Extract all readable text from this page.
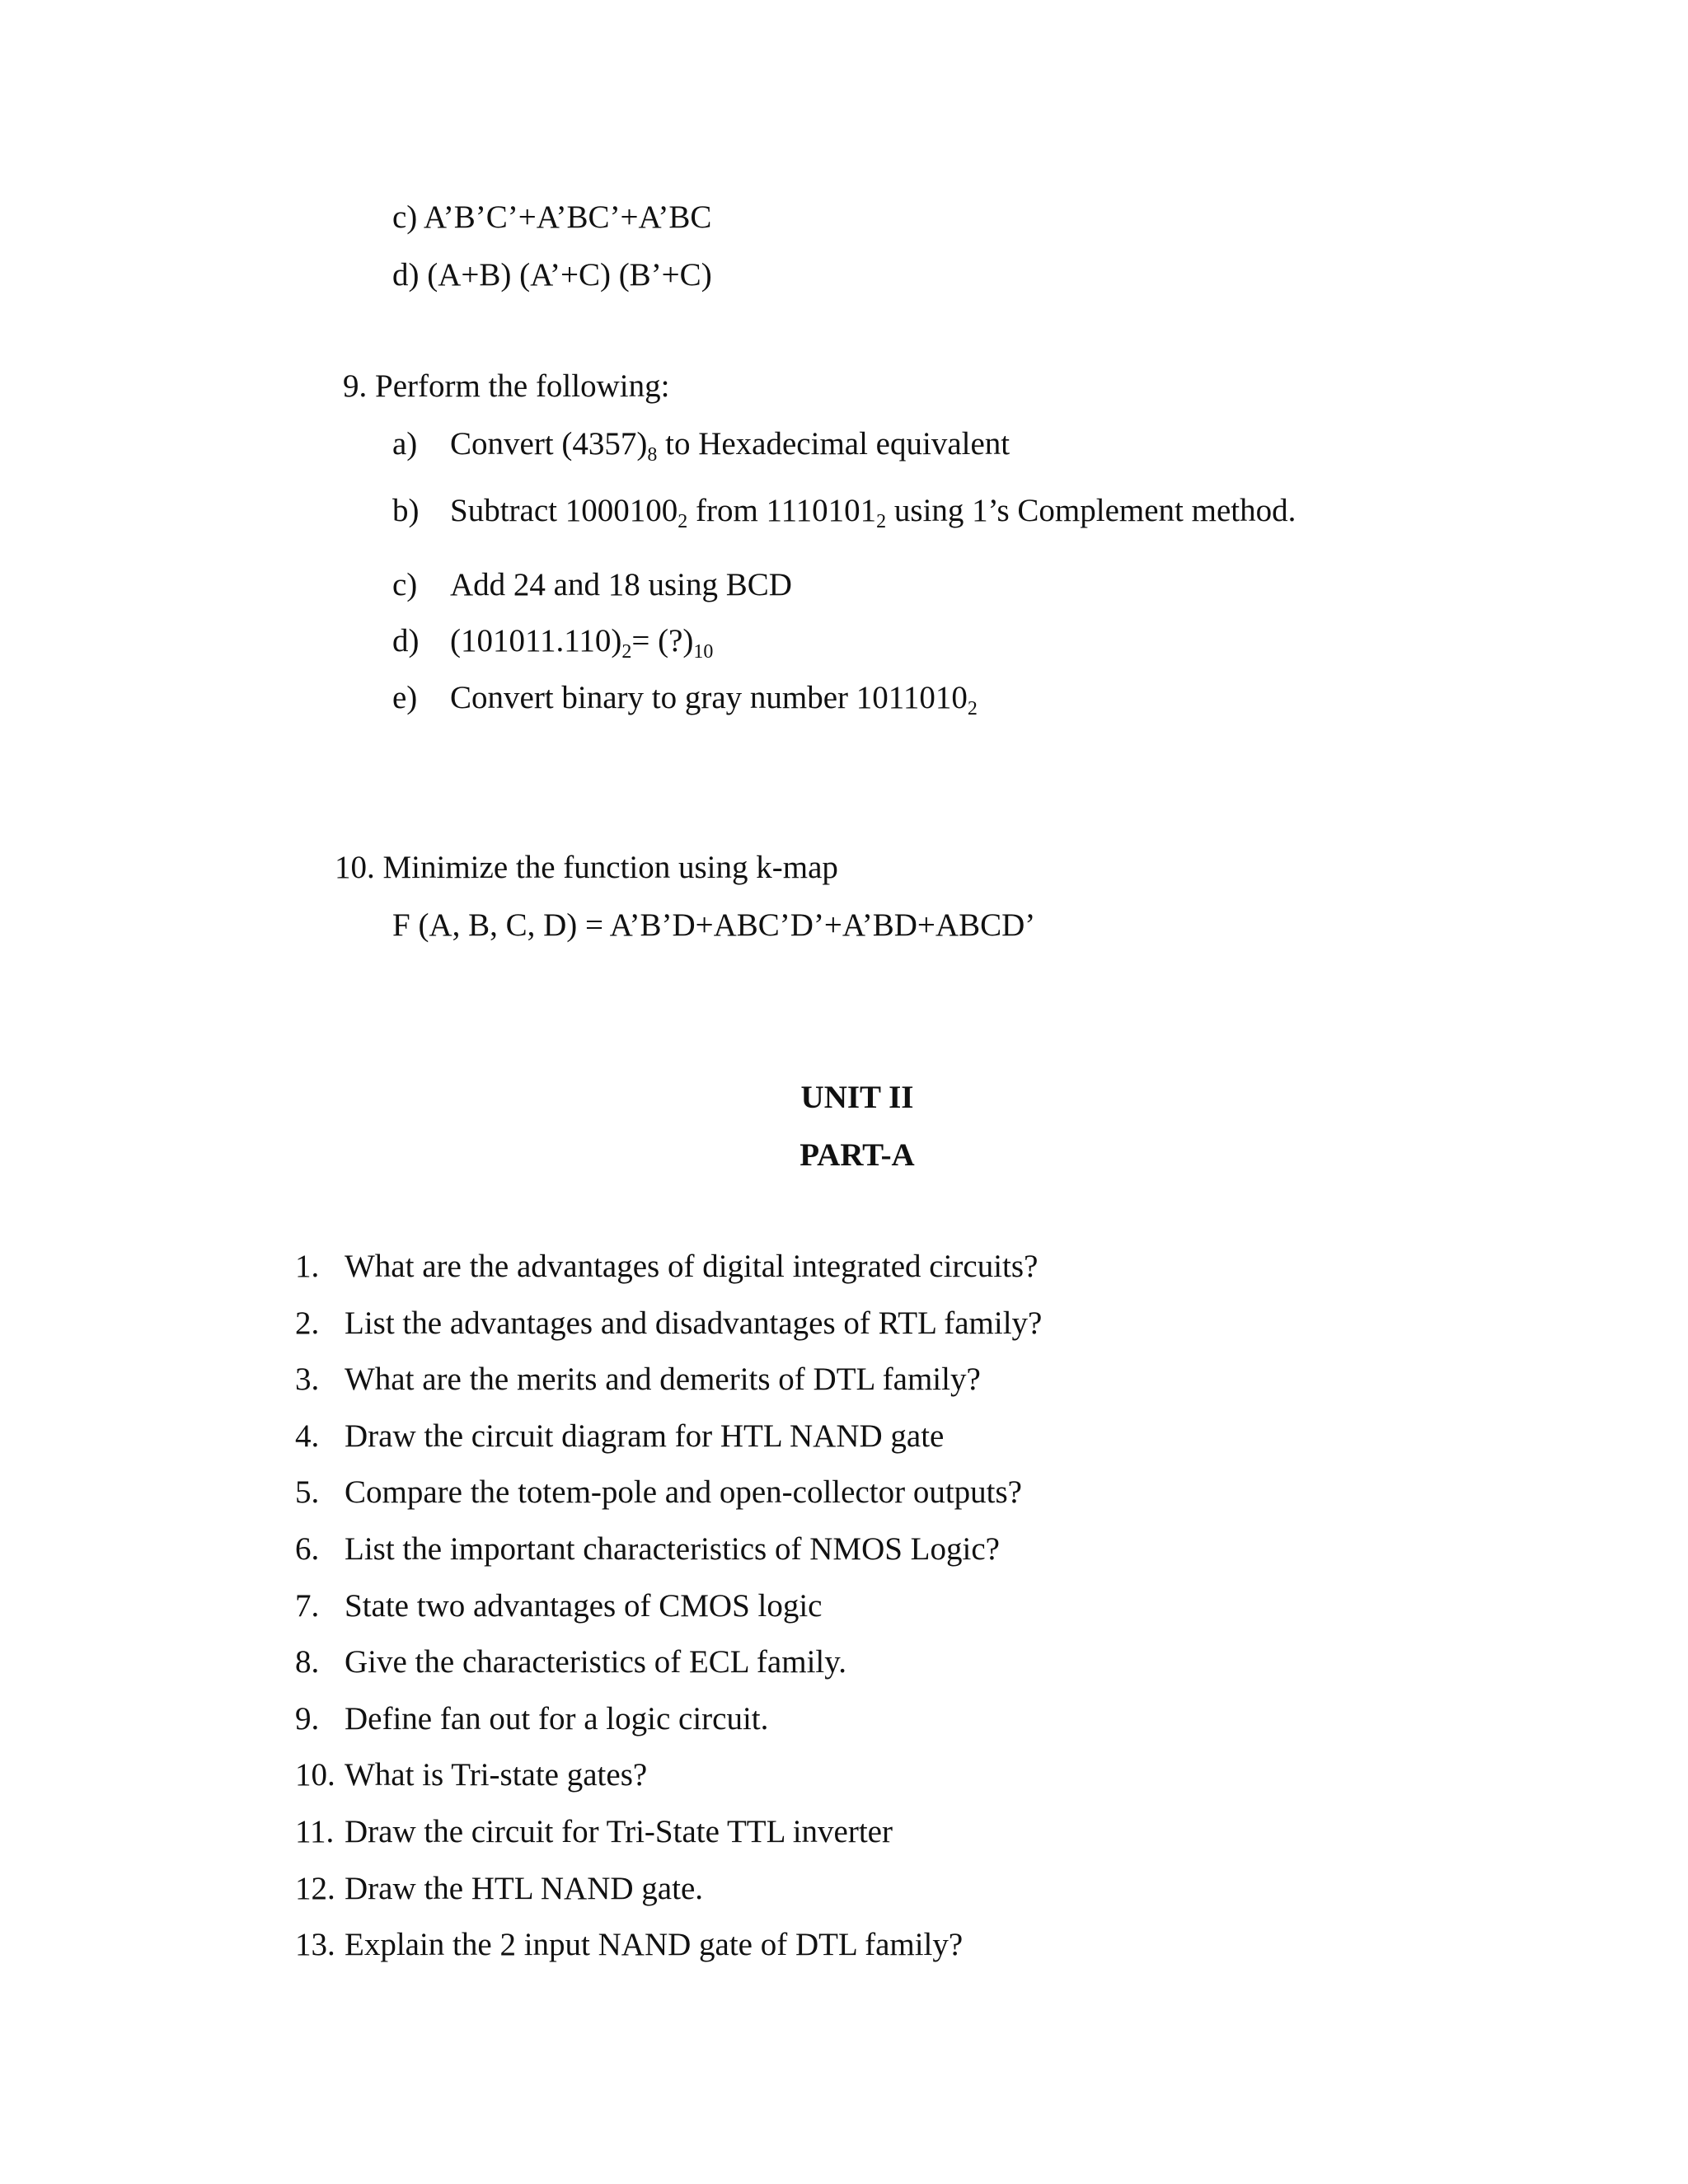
c) A’B’C’+A’BC’+A’BC
d) (A+B) (A’+C) (B’+C)
9. Perform the following:
a) Convert $(4357)_8$ to Hexadecimal equivalent
b) Subtract $1000100_2$ from $1110101_2$ using 1’s Complement method.
c) Add 24 and 18 using BCD
d) $(101011.110)_2=$ $(?)_{10}$
e) Convert binary to gray number $1011010_2$
10. Minimize the function using k-map
F (A, B, C, D) = A’B’D+ABC’D’+A’BD+ABCD’
UNIT II
PART-A
1. What are the advantages of digital integrated circuits?
2. List the advantages and disadvantages of RTL family?
3. What are the merits and demerits of DTL family?
4. Draw the circuit diagram for HTL NAND gate
5. Compare the totem-pole and open-collector outputs?
6. List the important characteristics of NMOS Logic?
7. State two advantages of CMOS logic
8. Give the characteristics of ECL family.
9. Define fan out for a logic circuit.
10. What is Tri-state gates?
11. Draw the circuit for Tri-State TTL inverter
12. Draw the HTL NAND gate.
13. Explain the 2 input NAND gate of DTL family?
